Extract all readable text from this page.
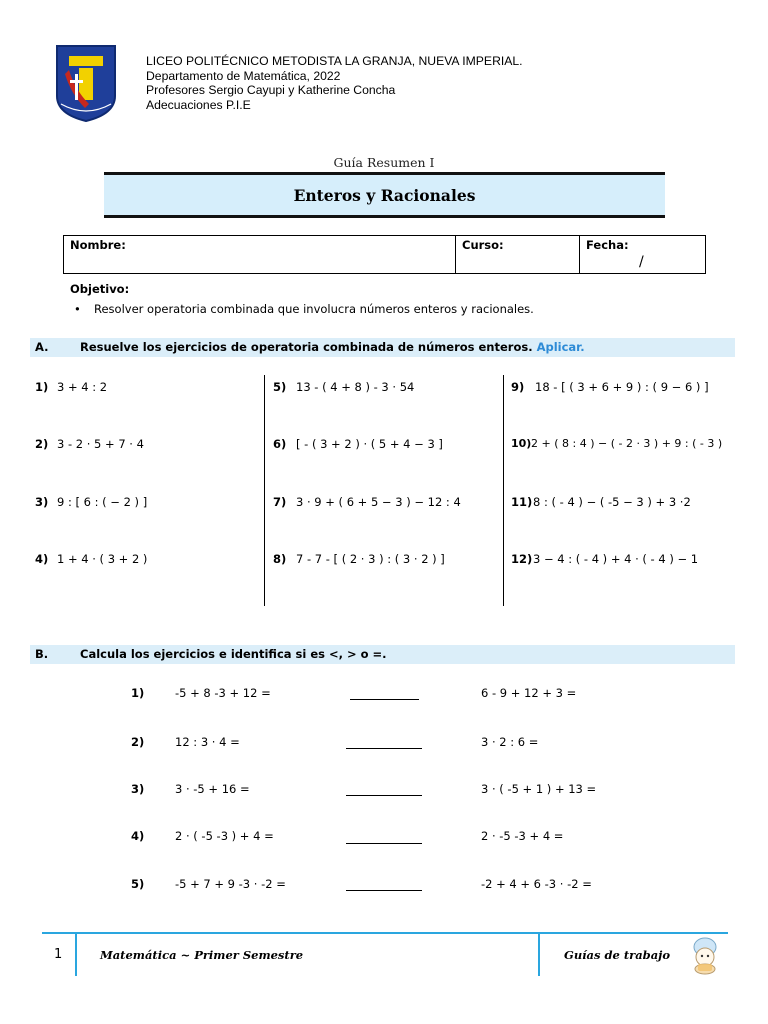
LICEO POLITÉCNICO METODISTA LA GRANJA, NUEVA IMPERIAL.
Departamento de Matemática, 2022
Profesores Sergio Cayupi y Katherine Concha
Adecuaciones P.I.E
Guía Resumen I
Enteros y Racionales
Nombre:	Curso:	Fecha:
/
Objetivo:
• Resolver operatoria combinada que involucra números enteros y racionales.
A.	Resuelve los ejercicios de operatoria combinada de números enteros. Aplicar.
1) 3 + 4 : 2
2) 3 - 2 · 5 + 7 · 4
3) 9 : [ 6 : ( − 2 ) ]
4) 1 + 4 · ( 3 + 2 )
5) 13 - ( 4 + 8 ) - 3 · 54
6) [ - ( 3 + 2 ) · ( 5 + 4 − 3 ]
7) 3 · 9 + ( 6 + 5 − 3 ) − 12 : 4
8) 7 - 7 - [ ( 2 · 3 ) : ( 3 · 2 ) ]
9) 18 - [ ( 3 + 6 + 9 ) : ( 9 − 6 ) ]
10)2 + ( 8 : 4 ) − ( - 2 · 3 ) + 9 : ( - 3 )
11)8 : ( - 4 ) − ( -5 − 3 ) + 3 ·2
12)3 − 4 : ( - 4 ) + 4 · ( - 4 ) − 1
B.	Calcula los ejercicios e identifica si es <, > o =.
1)	-5 + 8 -3 + 12 =	6 - 9 + 12 + 3 =
2)	12 : 3 · 4 =	3 · 2 : 6 =
3)	3 · -5 + 16 =	3 · ( -5 + 1 ) + 13 =
4)	2 · ( -5 -3 ) + 4 =	2 · -5 -3 + 4 =
5)	-5 + 7 + 9 -3 · -2 =	-2 + 4 + 6 -3 · -2 =
1	Matemática ~ Primer Semestre	Guías de trabajo
